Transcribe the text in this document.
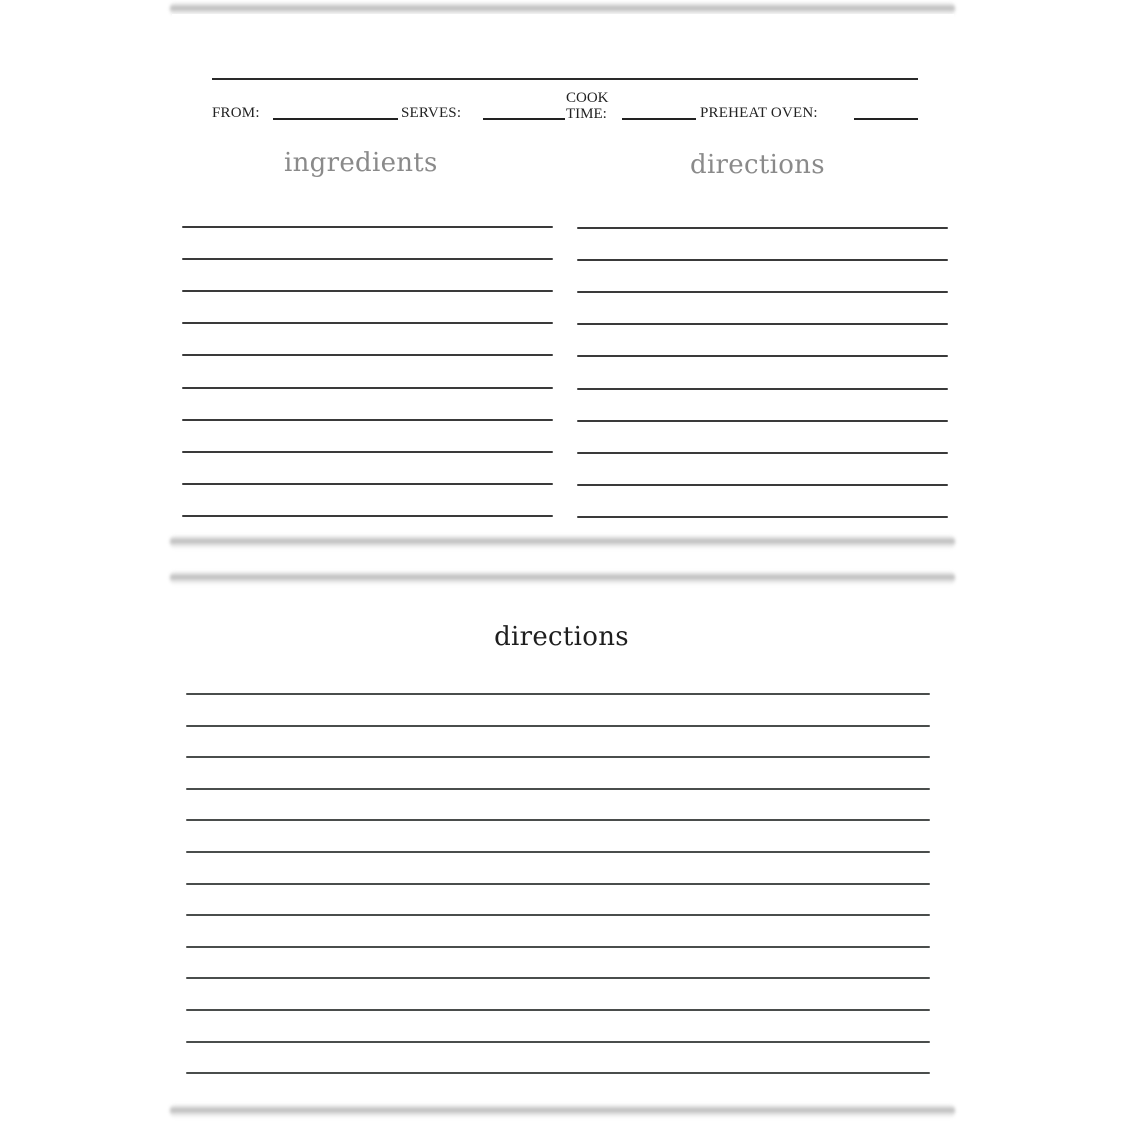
FROM:	SERVES:
COOK
TIME:	PREHEAT OVEN:
ingredients	directions
directions
